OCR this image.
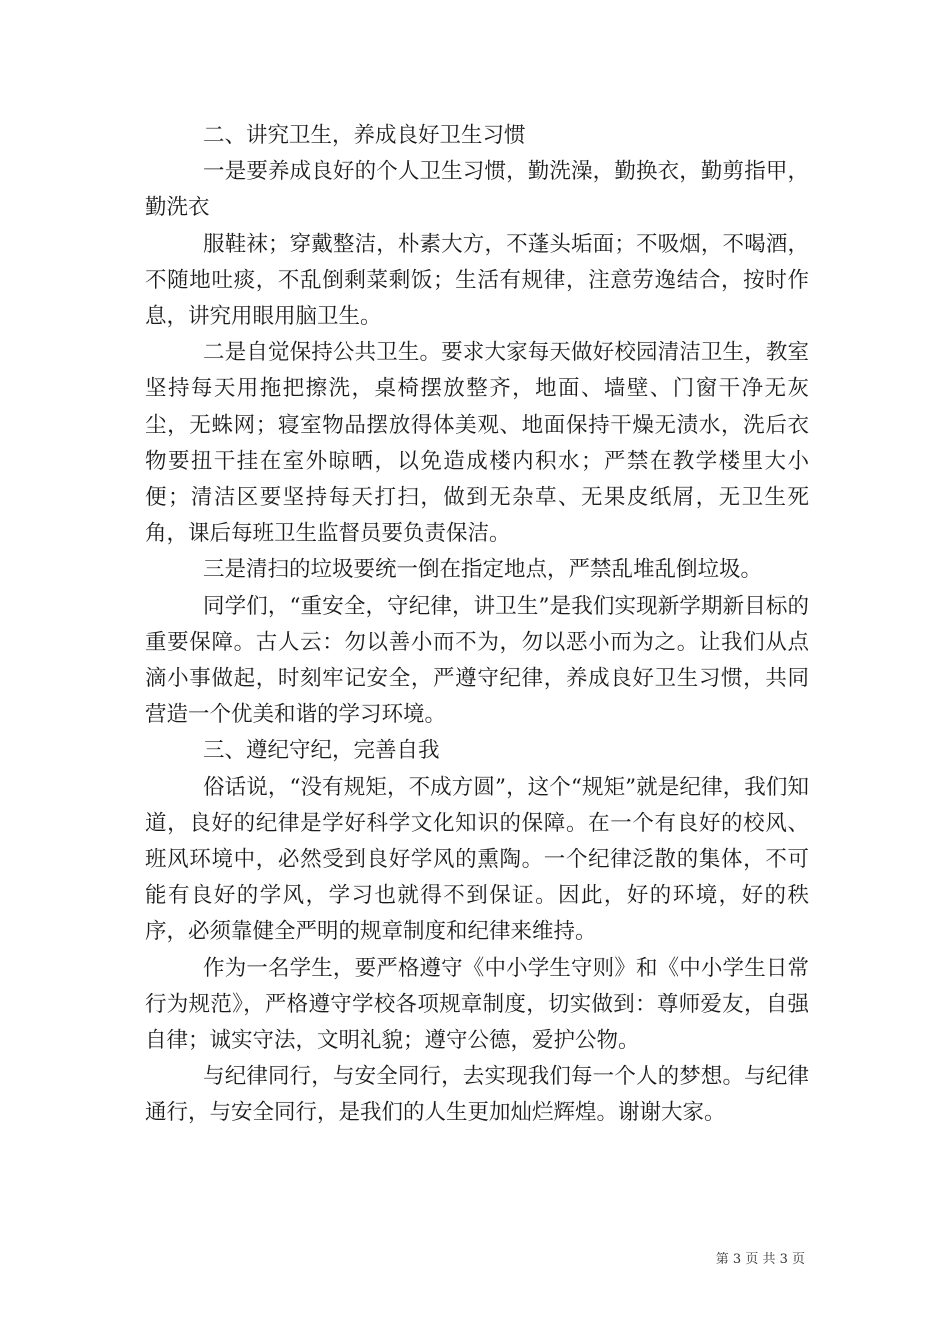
二、讲究卫生，养成良好卫生习惯

一是要养成良好的个人卫生习惯，勤洗澡，勤换衣，勤剪指甲，勤洗衣

服鞋袜；穿戴整洁，朴素大方，不蓬头垢面；不吸烟，不喝酒，不随地吐痰，不乱倒剩菜剩饭；生活有规律，注意劳逸结合，按时作息，讲究用眼用脑卫生。

二是自觉保持公共卫生。要求大家每天做好校园清洁卫生，教室坚持每天用拖把擦洗，桌椅摆放整齐，地面、墙壁、门窗干净无灰尘，无蛛网；寝室物品摆放得体美观、地面保持干燥无渍水，洗后衣物要扭干挂在室外晾晒，以免造成楼内积水；严禁在教学楼里大小便；清洁区要坚持每天打扫，做到无杂草、无果皮纸屑，无卫生死角，课后每班卫生监督员要负责保洁。

三是清扫的垃圾要统一倒在指定地点，严禁乱堆乱倒垃圾。

同学们，“重安全，守纪律，讲卫生”是我们实现新学期新目标的重要保障。古人云：勿以善小而不为，勿以恶小而为之。让我们从点滴小事做起，时刻牢记安全，严遵守纪律，养成良好卫生习惯，共同营造一个优美和谐的学习环境。

三、遵纪守纪，完善自我

俗话说，“没有规矩，不成方圆”，这个“规矩”就是纪律，我们知道，良好的纪律是学好科学文化知识的保障。在一个有良好的校风、班风环境中，必然受到良好学风的熏陶。一个纪律泛散的集体，不可能有良好的学风，学习也就得不到保证。因此，好的环境，好的秩序，必须靠健全严明的规章制度和纪律来维持。

作为一名学生，要严格遵守《中小学生守则》和《中小学生日常行为规范》，严格遵守学校各项规章制度，切实做到：尊师爱友，自强自律；诚实守法，文明礼貌；遵守公德，爱护公物。

与纪律同行，与安全同行，去实现我们每一个人的梦想。与纪律通行，与安全同行，是我们的人生更加灿烂辉煌。谢谢大家。

第 3 页 共 3 页
